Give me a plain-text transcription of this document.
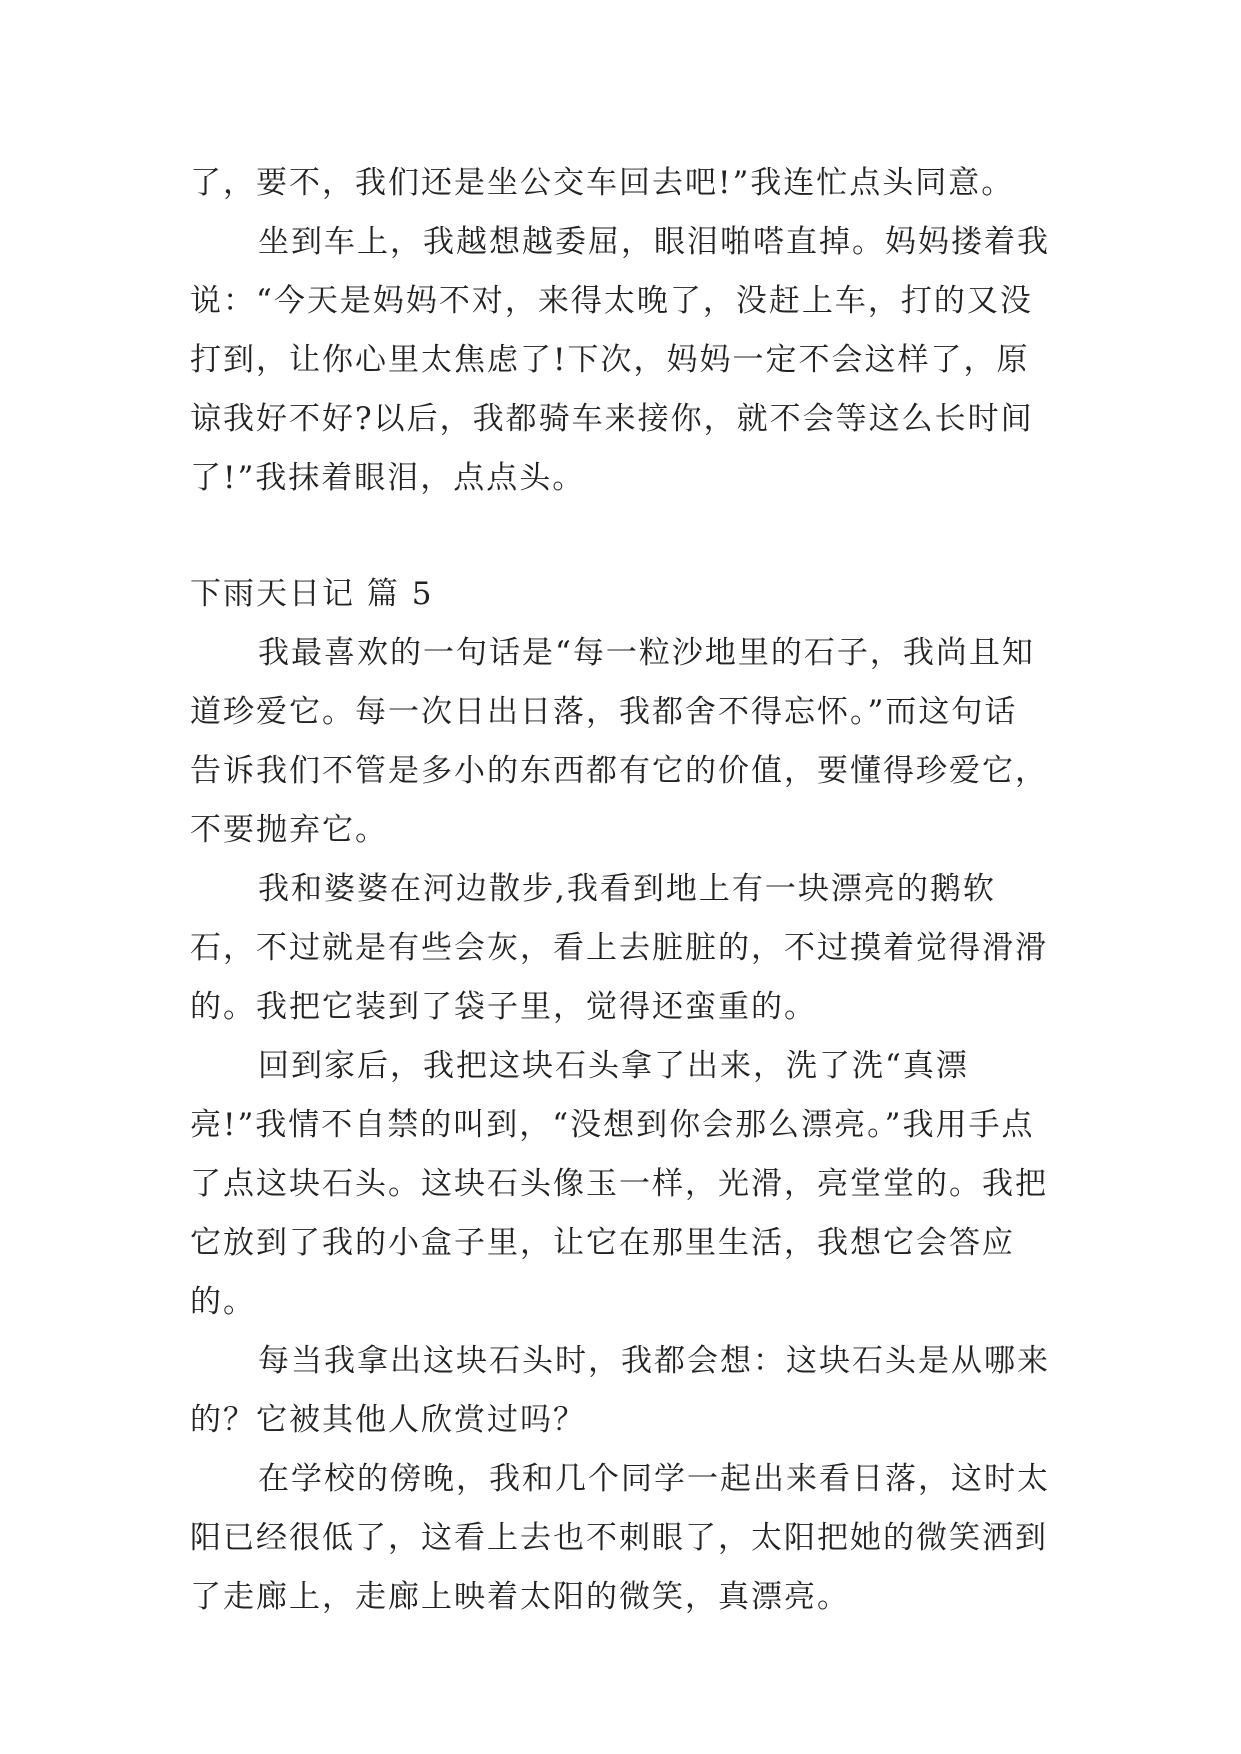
了，要不，我们还是坐公交车回去吧!”我连忙点头同意。

坐到车上，我越想越委屈，眼泪啪嗒直掉。妈妈搂着我说：“今天是妈妈不对，来得太晚了，没赶上车，打的又没打到，让你心里太焦虑了!下次，妈妈一定不会这样了，原谅我好不好?以后，我都骑车来接你，就不会等这么长时间了!”我抹着眼泪，点点头。

下雨天日记 篇 5

我最喜欢的一句话是“每一粒沙地里的石子，我尚且知道珍爱它。每一次日出日落，我都舍不得忘怀。”而这句话告诉我们不管是多小的东西都有它的价值，要懂得珍爱它，不要抛弃它。

我和婆婆在河边散步,我看到地上有一块漂亮的鹅软石，不过就是有些会灰，看上去脏脏的，不过摸着觉得滑滑的。我把它装到了袋子里，觉得还蛮重的。

回到家后，我把这块石头拿了出来，洗了洗“真漂亮!”我情不自禁的叫到，“没想到你会那么漂亮。”我用手点了点这块石头。这块石头像玉一样，光滑，亮堂堂的。我把它放到了我的小盒子里，让它在那里生活，我想它会答应的。

每当我拿出这块石头时，我都会想：这块石头是从哪来的？它被其他人欣赏过吗？

在学校的傍晚，我和几个同学一起出来看日落，这时太阳已经很低了，这看上去也不刺眼了，太阳把她的微笑洒到了走廊上，走廊上映着太阳的微笑，真漂亮。
